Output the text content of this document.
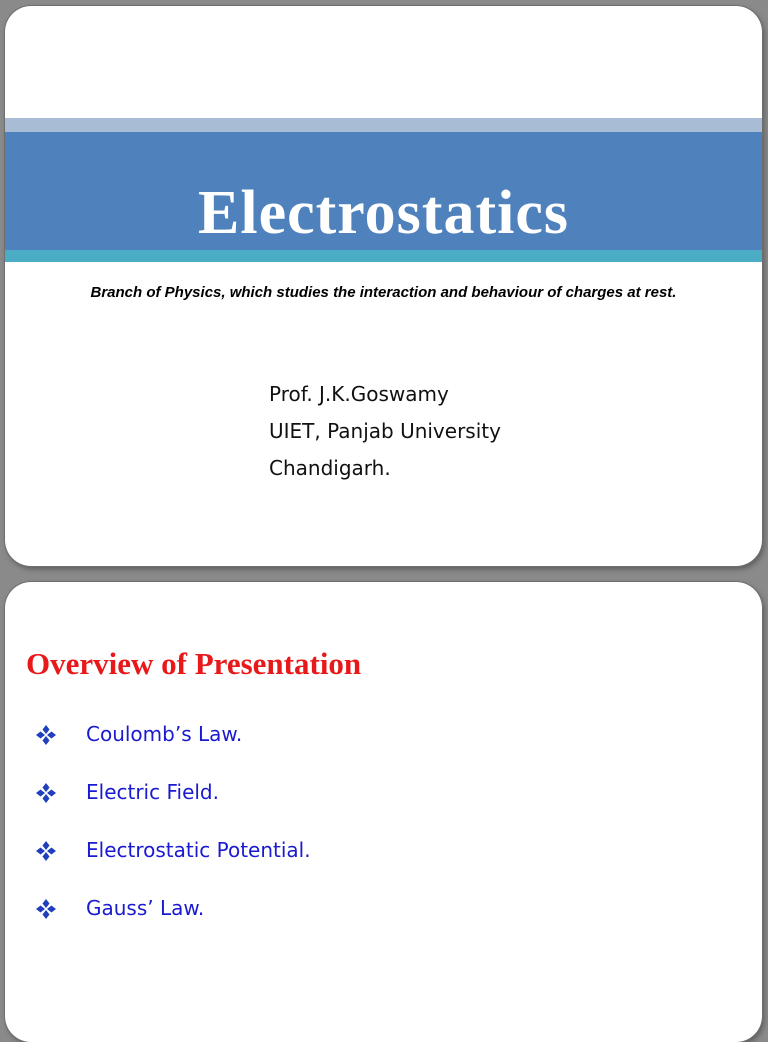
Electrostatics
Branch of Physics, which studies the interaction and behaviour of charges at rest.
Prof. J.K.Goswamy
UIET, Panjab University
Chandigarh.
Overview of Presentation
Coulomb’s Law.
Electric Field.
Electrostatic Potential.
Gauss’ Law.
